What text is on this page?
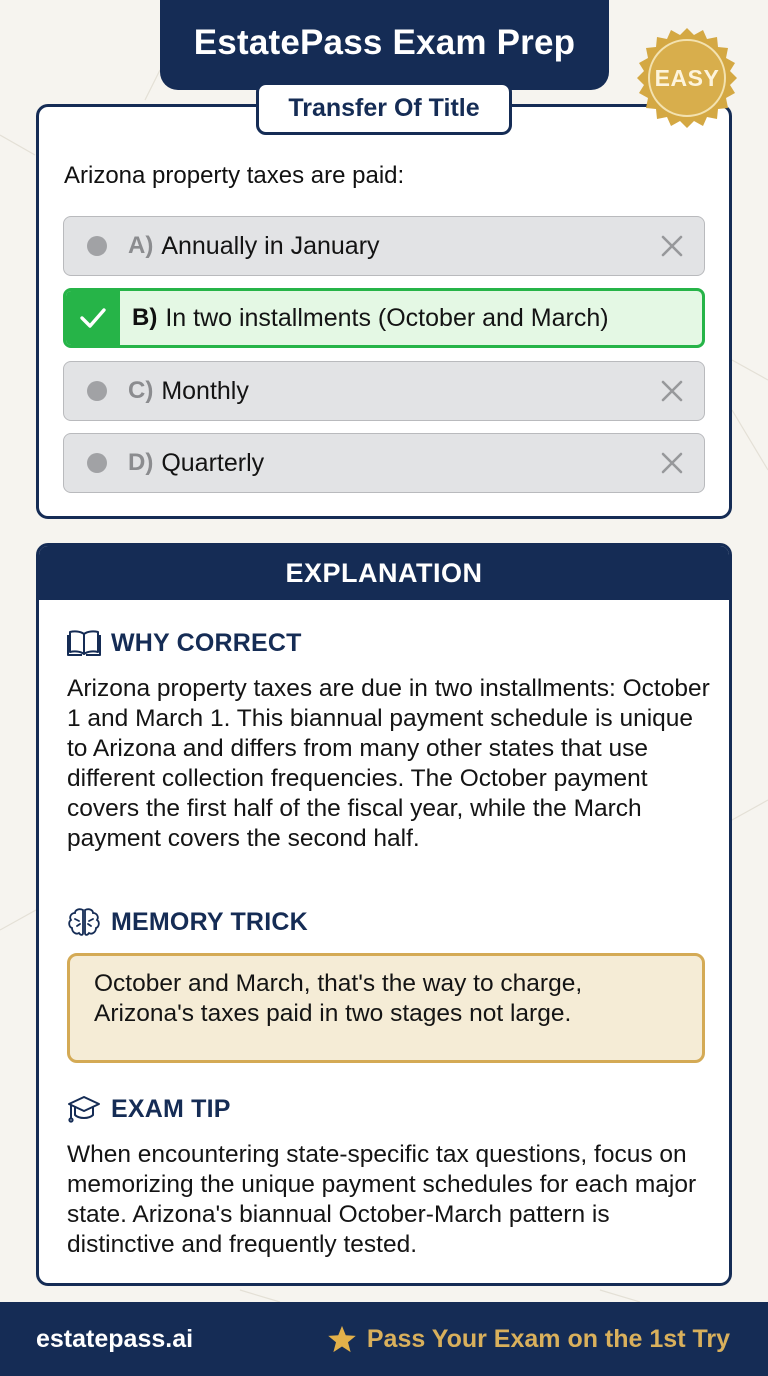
EstatePass Exam Prep
EASY
Transfer Of Title
Arizona property taxes are paid:
A) Annually in January
B) In two installments (October and March)
C) Monthly
D) Quarterly
EXPLANATION
WHY CORRECT
Arizona property taxes are due in two installments: October 1 and March 1. This biannual payment schedule is unique to Arizona and differs from many other states that use different collection frequencies. The October payment covers the first half of the fiscal year, while the March payment covers the second half.
MEMORY TRICK
October and March, that's the way to charge, Arizona's taxes paid in two stages not large.
EXAM TIP
When encountering state-specific tax questions, focus on memorizing the unique payment schedules for each major state. Arizona's biannual October-March pattern is distinctive and frequently tested.
estatepass.ai	Pass Your Exam on the 1st Try
